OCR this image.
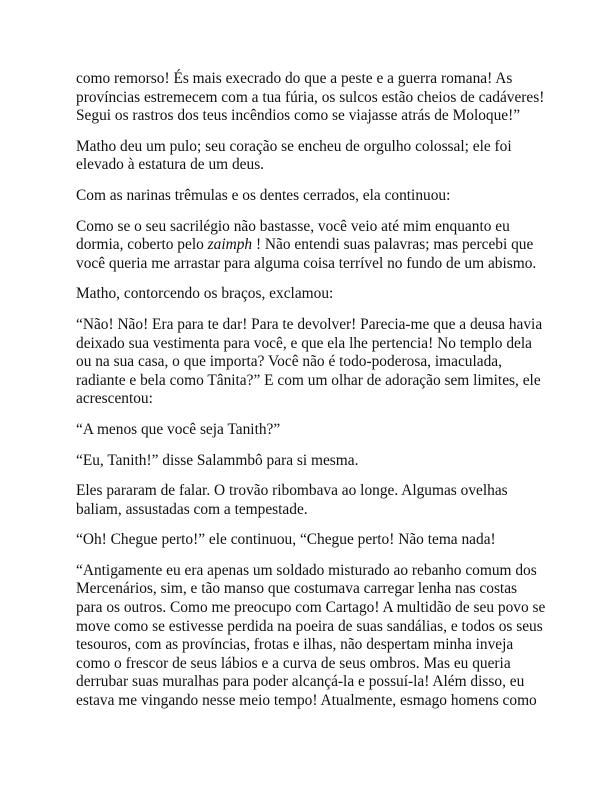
como remorso! És mais execrado do que a peste e a guerra romana! As províncias estremecem com a tua fúria, os sulcos estão cheios de cadáveres! Segui os rastros dos teus incêndios como se viajasse atrás de Moloque!”

Matho deu um pulo; seu coração se encheu de orgulho colossal; ele foi elevado à estatura de um deus.

Com as narinas trêmulas e os dentes cerrados, ela continuou:

Como se o seu sacrilégio não bastasse, você veio até mim enquanto eu dormia, coberto pelo zaimph ! Não entendi suas palavras; mas percebi que você queria me arrastar para alguma coisa terrível no fundo de um abismo.

Matho, contorcendo os braços, exclamou:

“Não! Não! Era para te dar! Para te devolver! Parecia-me que a deusa havia deixado sua vestimenta para você, e que ela lhe pertencia! No templo dela ou na sua casa, o que importa? Você não é todo-poderosa, imaculada, radiante e bela como Tânita?” E com um olhar de adoração sem limites, ele acrescentou:

“A menos que você seja Tanith?”

“Eu, Tanith!” disse Salammbô para si mesma.

Eles pararam de falar. O trovão ribombava ao longe. Algumas ovelhas baliam, assustadas com a tempestade.

“Oh! Chegue perto!” ele continuou, “Chegue perto! Não tema nada!

“Antigamente eu era apenas um soldado misturado ao rebanho comum dos Mercenários, sim, e tão manso que costumava carregar lenha nas costas para os outros. Como me preocupo com Cartago! A multidão de seu povo se move como se estivesse perdida na poeira de suas sandálias, e todos os seus tesouros, com as províncias, frotas e ilhas, não despertam minha inveja como o frescor de seus lábios e a curva de seus ombros. Mas eu queria derrubar suas muralhas para poder alcançá-la e possuí-la! Além disso, eu estava me vingando nesse meio tempo! Atualmente, esmago homens como
